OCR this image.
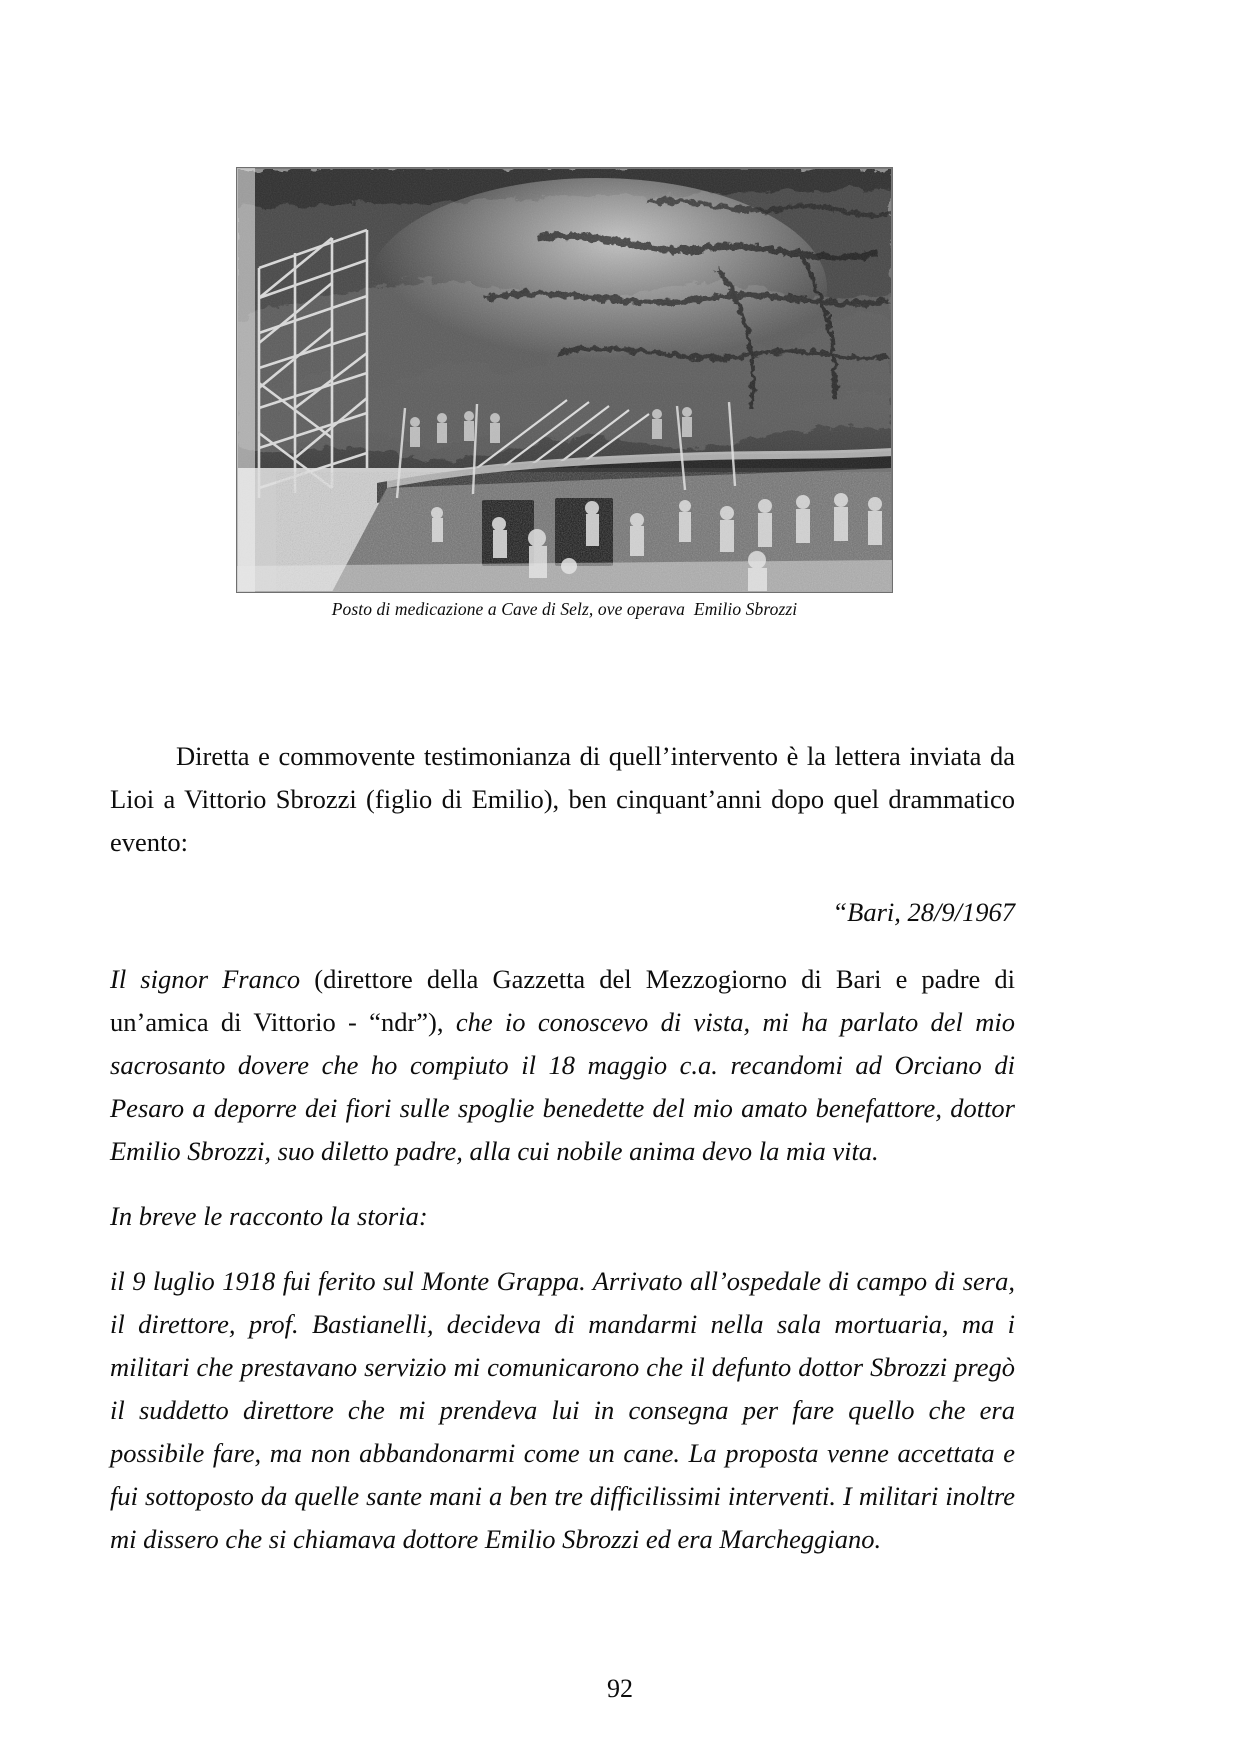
Posto di medicazione a Cave di Selz, ove operava  Emilio Sbrozzi

Diretta e commovente testimonianza di quell’intervento è la lettera inviata da Lioi a Vittorio Sbrozzi (figlio di Emilio), ben cinquant’anni dopo quel drammatico evento:

“Bari, 28/9/1967

Il signor Franco (direttore della Gazzetta del Mezzogiorno di Bari e padre di un’amica di Vittorio - “ndr”), che io conoscevo di vista, mi ha parlato del mio sacrosanto dovere che ho compiuto il 18 maggio c.a. recandomi ad Orciano di Pesaro a deporre dei fiori sulle spoglie benedette del mio amato benefattore, dottor Emilio Sbrozzi, suo diletto padre, alla cui nobile anima devo la mia vita.

In breve le racconto la storia:

il 9 luglio 1918 fui ferito sul Monte Grappa. Arrivato all’ospedale di campo di sera, il direttore, prof. Bastianelli, decideva di mandarmi nella sala mortuaria, ma i militari che prestavano servizio mi comunicarono che il defunto dottor Sbrozzi pregò il suddetto direttore che mi prendeva lui in consegna per fare quello che era possibile fare, ma non abbandonarmi come un cane. La proposta venne accettata e fui sottoposto da quelle sante mani a ben tre difficilissimi interventi. I militari inoltre mi dissero che si chiamava dottore Emilio Sbrozzi ed era Marcheggiano.

92
